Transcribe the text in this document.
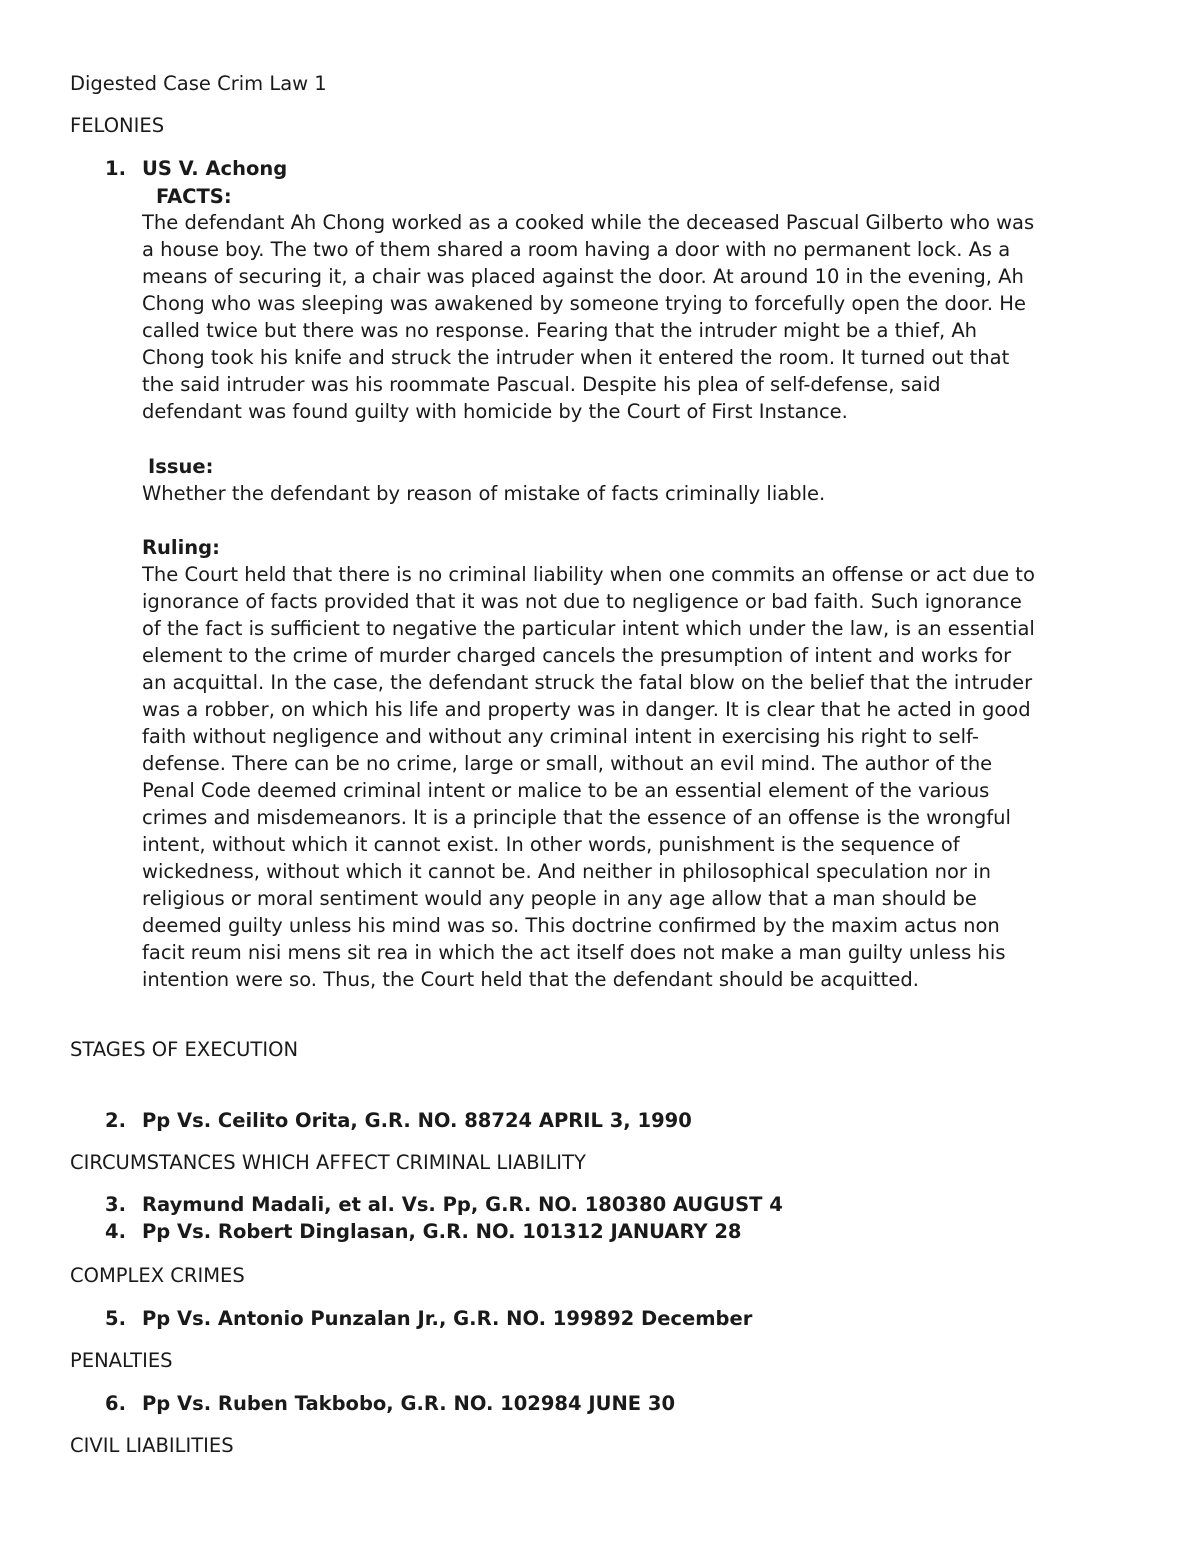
Digested Case Crim Law 1
FELONIES
1. US V. Achong
FACTS:
The defendant Ah Chong worked as a cooked while the deceased Pascual Gilberto who was
a house boy. The two of them shared a room having a door with no permanent lock. As a
means of securing it, a chair was placed against the door. At around 10 in the evening, Ah
Chong who was sleeping was awakened by someone trying to forcefully open the door. He
called twice but there was no response. Fearing that the intruder might be a thief, Ah
Chong took his knife and struck the intruder when it entered the room. It turned out that
the said intruder was his roommate Pascual. Despite his plea of self-defense, said
defendant was found guilty with homicide by the Court of First Instance.
Issue:
Whether the defendant by reason of mistake of facts criminally liable.
Ruling:
The Court held that there is no criminal liability when one commits an offense or act due to
ignorance of facts provided that it was not due to negligence or bad faith. Such ignorance
of the fact is sufficient to negative the particular intent which under the law, is an essential
element to the crime of murder charged cancels the presumption of intent and works for
an acquittal. In the case, the defendant struck the fatal blow on the belief that the intruder
was a robber, on which his life and property was in danger. It is clear that he acted in good
faith without negligence and without any criminal intent in exercising his right to self-
defense. There can be no crime, large or small, without an evil mind. The author of the
Penal Code deemed criminal intent or malice to be an essential element of the various
crimes and misdemeanors. It is a principle that the essence of an offense is the wrongful
intent, without which it cannot exist. In other words, punishment is the sequence of
wickedness, without which it cannot be. And neither in philosophical speculation nor in
religious or moral sentiment would any people in any age allow that a man should be
deemed guilty unless his mind was so. This doctrine confirmed by the maxim actus non
facit reum nisi mens sit rea in which the act itself does not make a man guilty unless his
intention were so. Thus, the Court held that the defendant should be acquitted.
STAGES OF EXECUTION
2. Pp Vs. Ceilito Orita, G.R. NO. 88724 APRIL 3, 1990
CIRCUMSTANCES WHICH AFFECT CRIMINAL LIABILITY
3. Raymund Madali, et al. Vs. Pp, G.R. NO. 180380 AUGUST 4
4. Pp Vs. Robert Dinglasan, G.R. NO. 101312 JANUARY 28
COMPLEX CRIMES
5. Pp Vs. Antonio Punzalan Jr., G.R. NO. 199892 December
PENALTIES
6. Pp Vs. Ruben Takbobo, G.R. NO. 102984 JUNE 30
CIVIL LIABILITIES
